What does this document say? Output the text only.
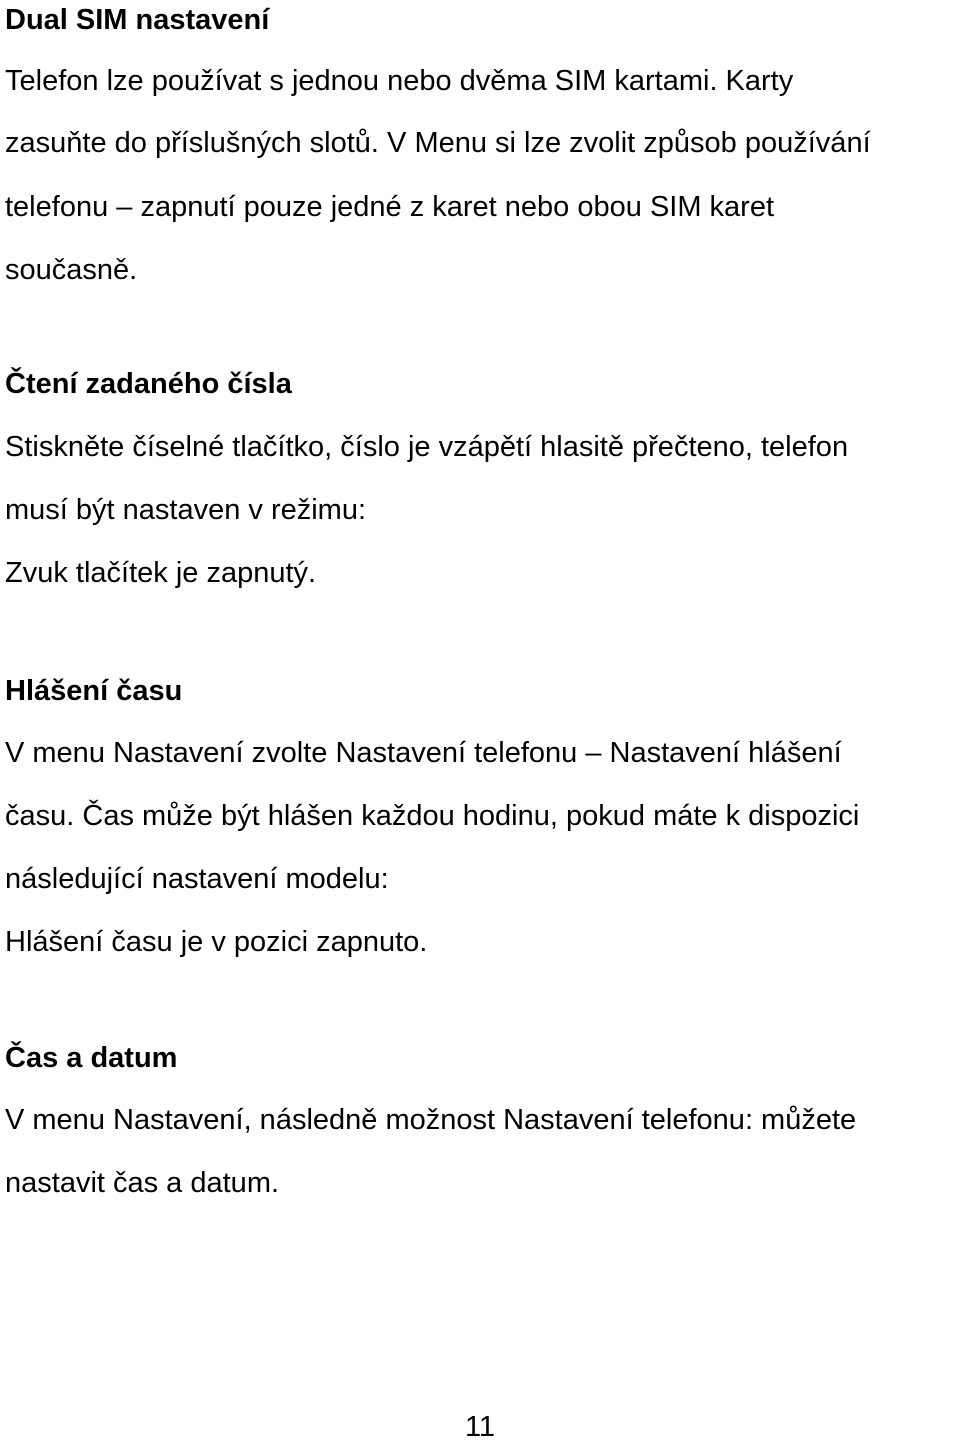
Dual SIM nastavení

Telefon lze používat s jednou nebo dvěma SIM kartami. Karty

zasuňte do příslušných slotů. V Menu si lze zvolit způsob používání

telefonu – zapnutí pouze jedné z karet nebo obou SIM karet

současně.

Čtení zadaného čísla

Stiskněte číselné tlačítko, číslo je vzápětí hlasitě přečteno, telefon

musí být nastaven v režimu:

Zvuk tlačítek je zapnutý.

Hlášení času

V menu Nastavení zvolte Nastavení telefonu – Nastavení hlášení

času. Čas může být hlášen každou hodinu, pokud máte k dispozici

následující nastavení modelu:

Hlášení času je v pozici zapnuto.

Čas a datum

V menu Nastavení, následně možnost Nastavení telefonu: můžete

nastavit čas a datum.

11
